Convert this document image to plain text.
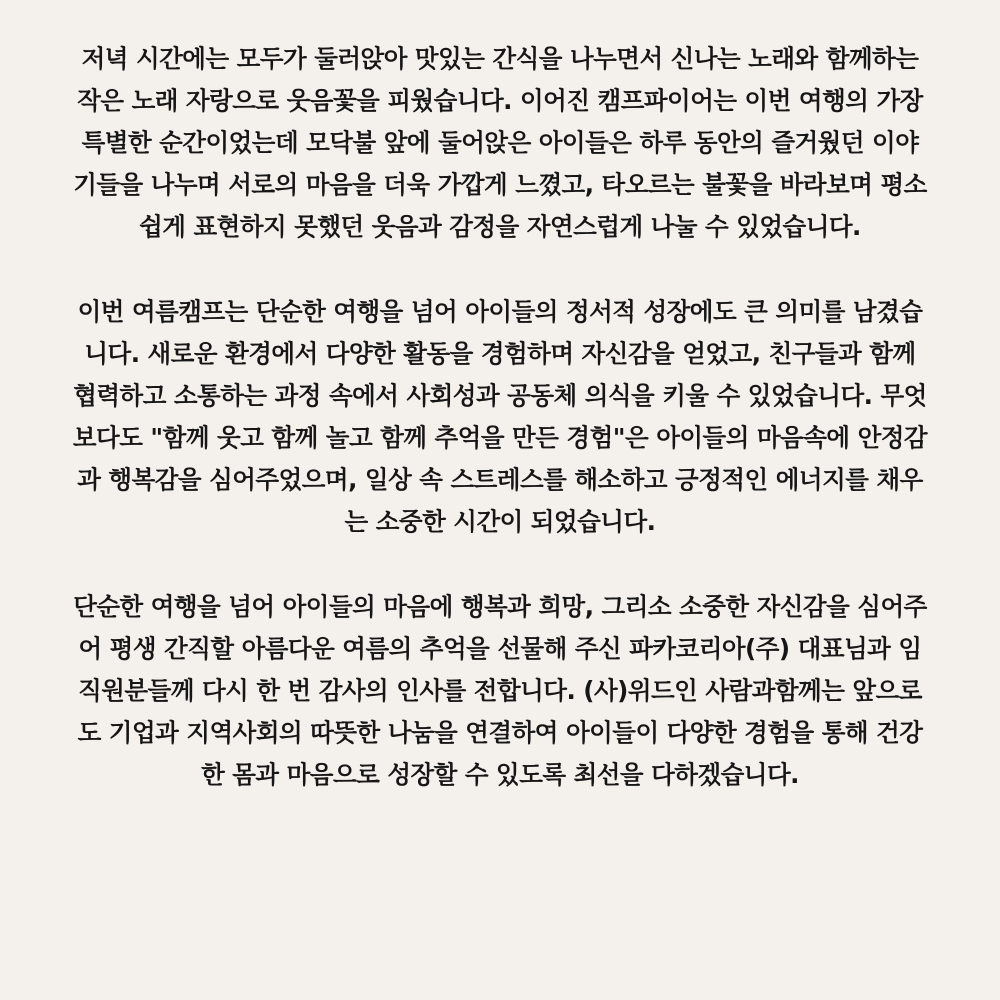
저녁 시간에는 모두가 둘러앉아 맛있는 간식을 나누면서 신나는 노래와 함께하는
작은 노래 자랑으로 웃음꽃을 피웠습니다. 이어진 캠프파이어는 이번 여행의 가장
특별한 순간이었는데 모닥불 앞에 둘어앉은 아이들은 하루 동안의 즐거웠던 이야
기들을 나누며 서로의 마음을 더욱 가깝게 느꼈고, 타오르는 불꽃을 바라보며 평소
쉽게 표현하지 못했던 웃음과 감정을 자연스럽게 나눌 수 있었습니다.
이번 여름캠프는 단순한 여행을 넘어 아이들의 정서적 성장에도 큰 의미를 남겼습
니다. 새로운 환경에서 다양한 활동을 경험하며 자신감을 얻었고, 친구들과 함께
협력하고 소통하는 과정 속에서 사회성과 공동체 의식을 키울 수 있었습니다. 무엇
보다도 "함께 웃고 함께 놀고 함께 추억을 만든 경험"은 아이들의 마음속에 안정감
과 행복감을 심어주었으며, 일상 속 스트레스를 해소하고 긍정적인 에너지를 채우
는 소중한 시간이 되었습니다.
단순한 여행을 넘어 아이들의 마음에 행복과 희망, 그리소 소중한 자신감을 심어주
어 평생 간직할 아름다운 여름의 추억을 선물해 주신 파카코리아(주) 대표님과 임
직원분들께 다시 한 번 감사의 인사를 전합니다. (사)위드인 사람과함께는 앞으로
도 기업과 지역사회의 따뜻한 나눔을 연결하여 아이들이 다양한 경험을 통해 건강
한 몸과 마음으로 성장할 수 있도록 최선을 다하겠습니다.
